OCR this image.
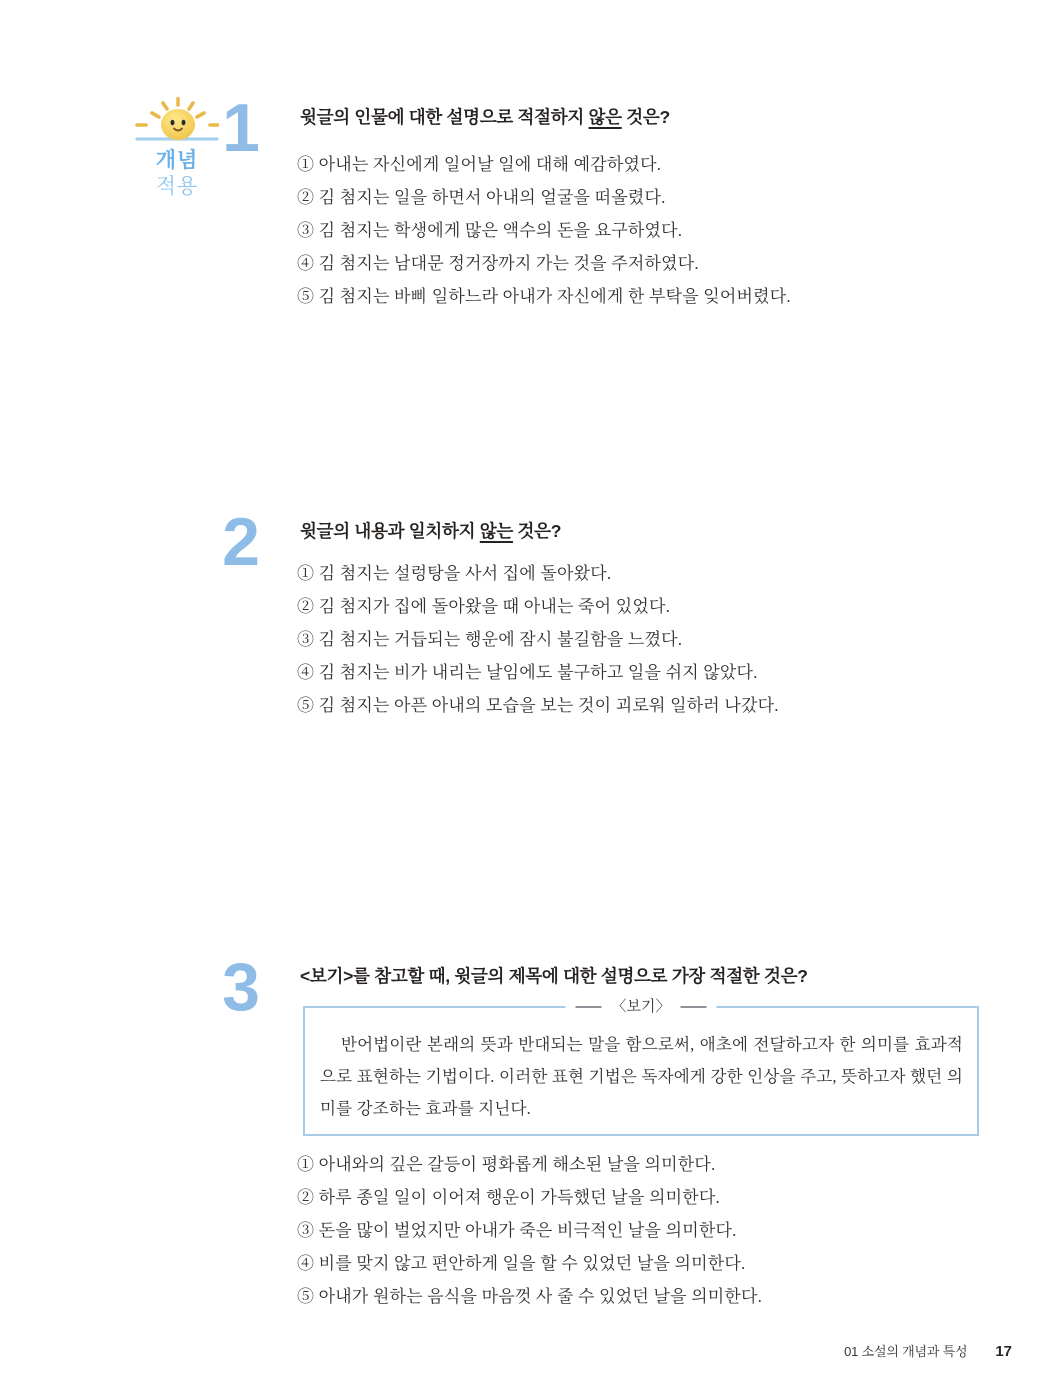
개념
적용
1	윗글의 인물에 대한 설명으로 적절하지 않은 것은?
① 아내는 자신에게 일어날 일에 대해 예감하였다.
② 김 첨지는 일을 하면서 아내의 얼굴을 떠올렸다.
③ 김 첨지는 학생에게 많은 액수의 돈을 요구하였다.
④ 김 첨지는 남대문 정거장까지 가는 것을 주저하였다.
⑤ 김 첨지는 바삐 일하느라 아내가 자신에게 한 부탁을 잊어버렸다.
2	윗글의 내용과 일치하지 않는 것은?
① 김 첨지는 설렁탕을 사서 집에 돌아왔다.
② 김 첨지가 집에 돌아왔을 때 아내는 죽어 있었다.
③ 김 첨지는 거듭되는 행운에 잠시 불길함을 느꼈다.
④ 김 첨지는 비가 내리는 날임에도 불구하고 일을 쉬지 않았다.
⑤ 김 첨지는 아픈 아내의 모습을 보는 것이 괴로워 일하러 나갔다.
3	<보기>를 참고할 때, 윗글의 제목에 대한 설명으로 가장 적절한 것은?
〈보기〉

반어법이란 본래의 뜻과 반대되는 말을 함으로써, 애초에 전달하고자 한 의미를 효과적으로 표현하는 기법이다. 이러한 표현 기법은 독자에게 강한 인상을 주고, 뜻하고자 했던 의미를 강조하는 효과를 지닌다.

① 아내와의 깊은 갈등이 평화롭게 해소된 날을 의미한다.
② 하루 종일 일이 이어져 행운이 가득했던 날을 의미한다.
③ 돈을 많이 벌었지만 아내가 죽은 비극적인 날을 의미한다.
④ 비를 맞지 않고 편안하게 일을 할 수 있었던 날을 의미한다.
⑤ 아내가 원하는 음식을 마음껏 사 줄 수 있었던 날을 의미한다.
01 소설의 개념과 특성 17
